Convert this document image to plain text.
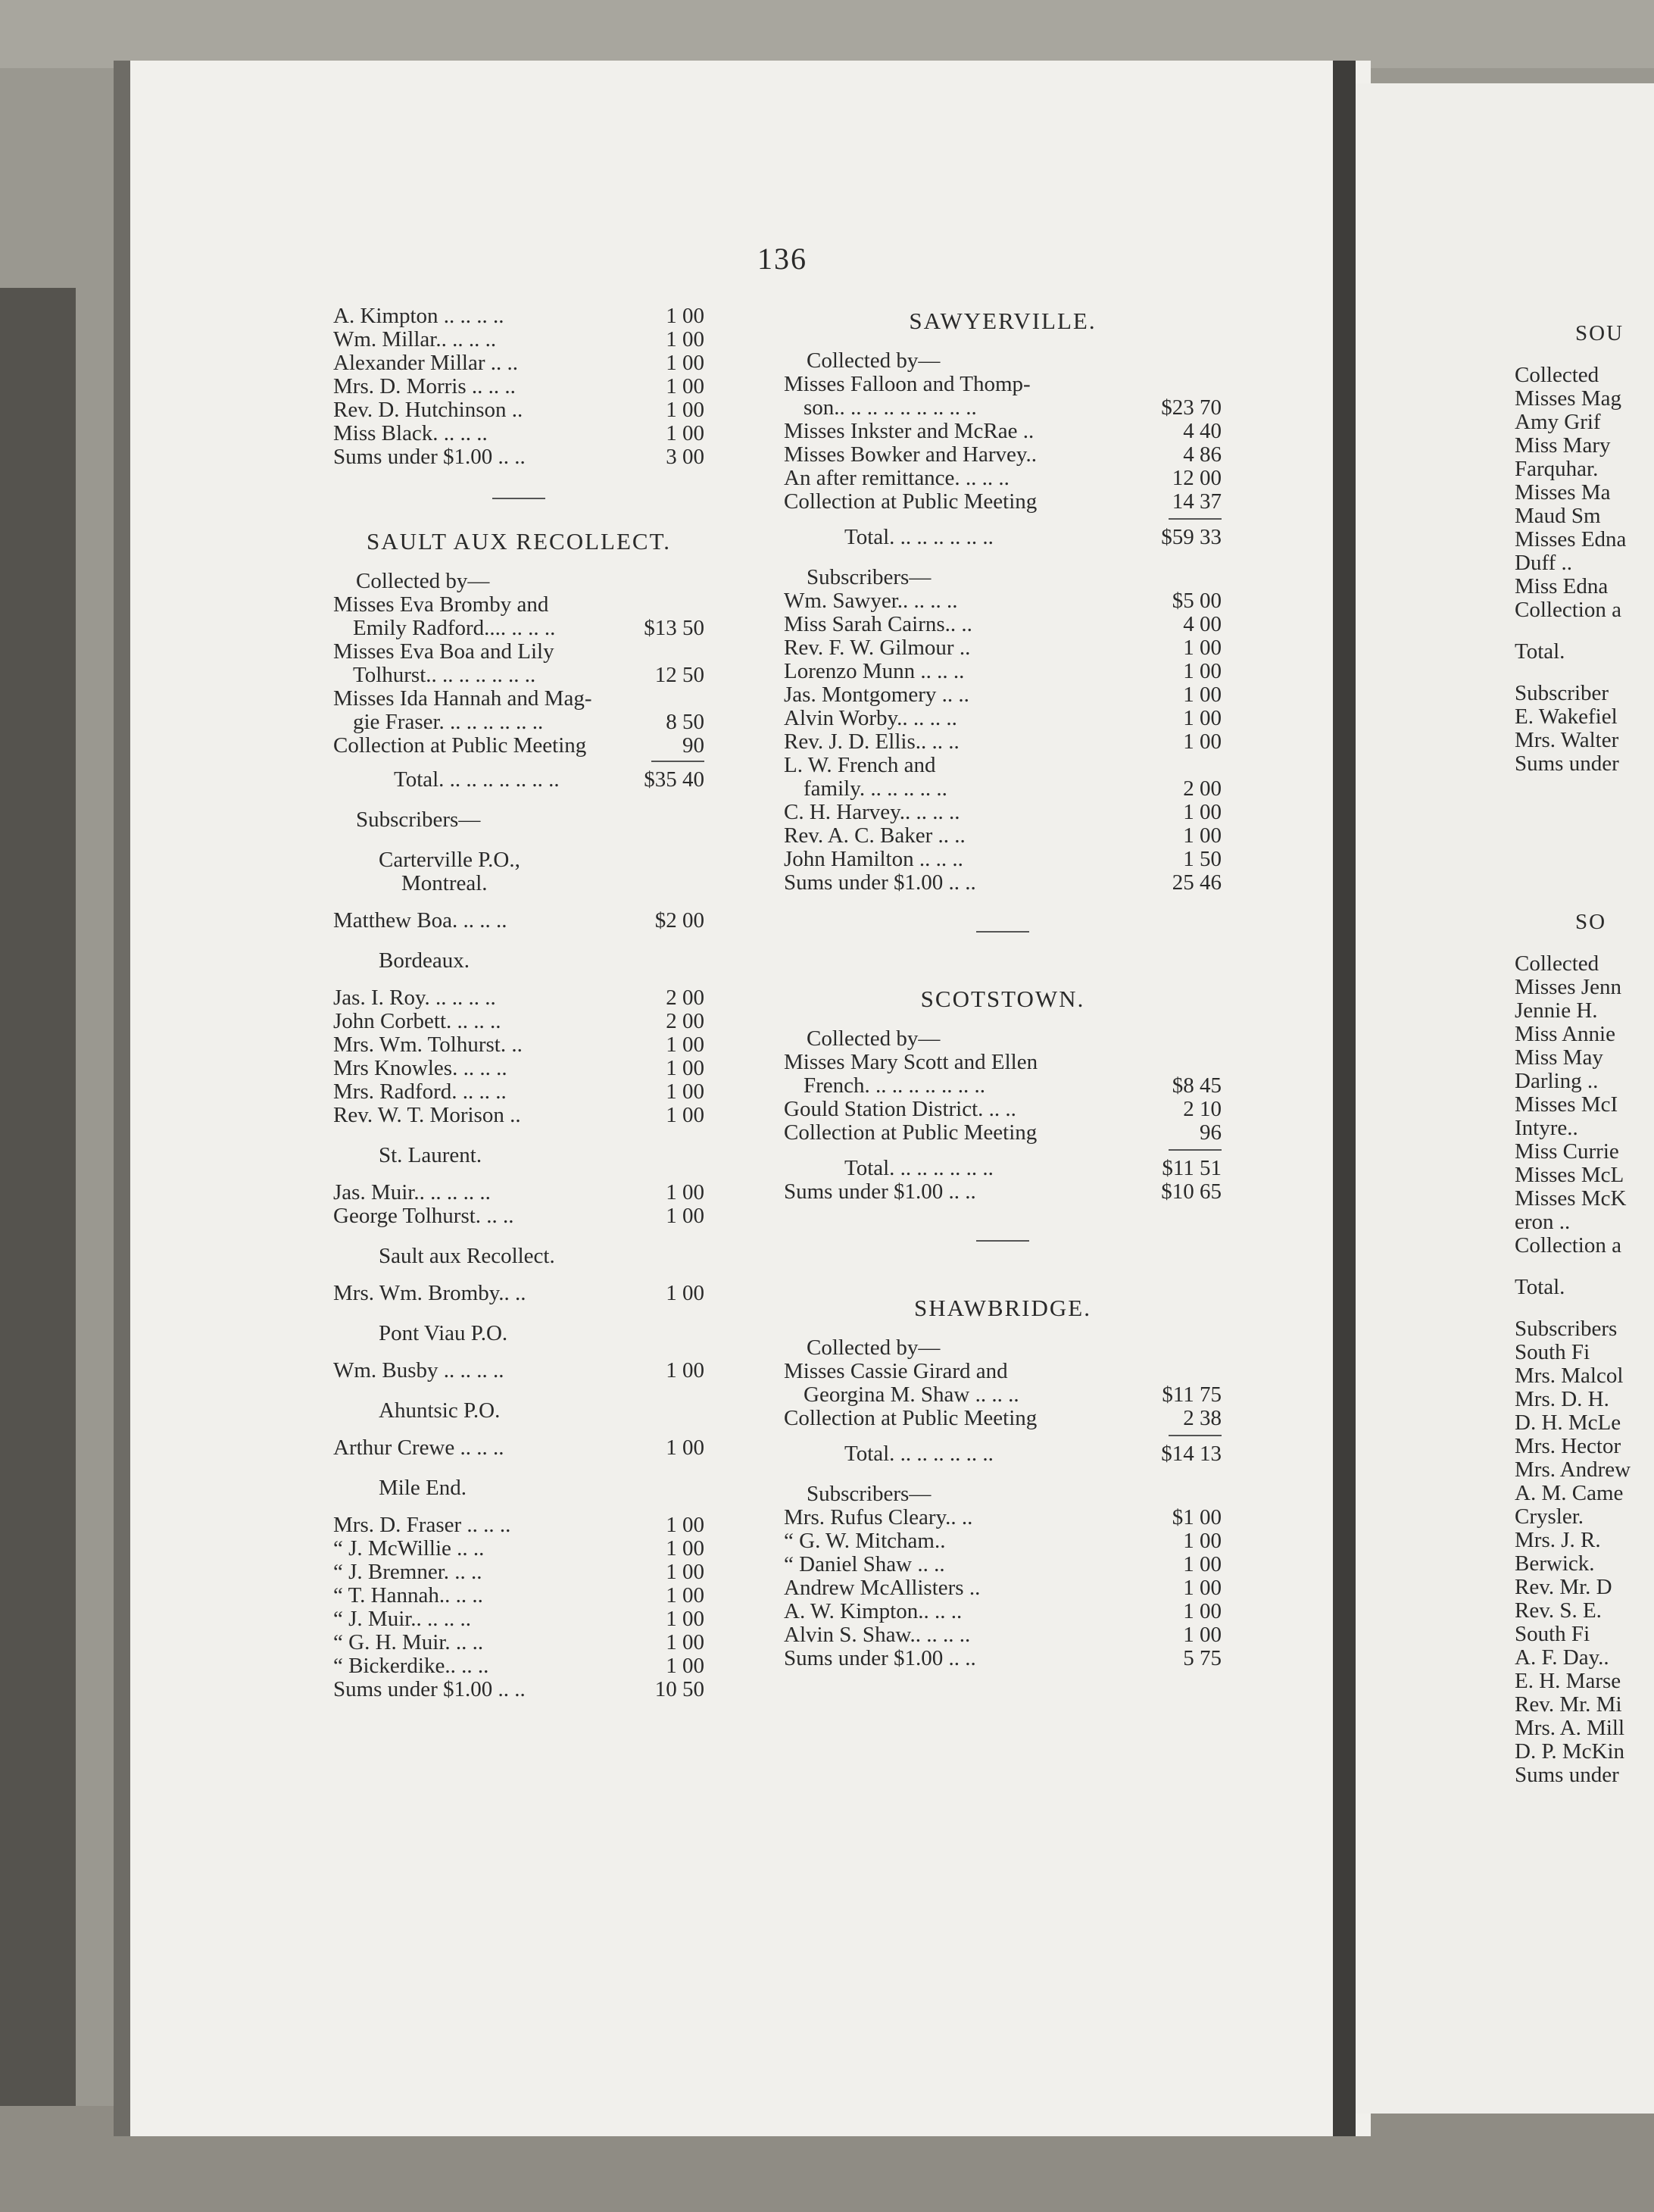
136
A. Kimpton .. .. .. ..	1 00
Wm. Millar.. .. .. ..	1 00
Alexander Millar .. ..	1 00
Mrs. D. Morris .. .. ..	1 00
Rev. D. Hutchinson ..	1 00
Miss Black. .. .. ..	1 00
Sums under $1.00 .. ..	3 00
SAULT AUX RECOLLECT.
Collected by—
Misses Eva Bromby and
Emily Radford.... .. .. ..	$13 50
Misses Eva Boa and Lily
Tolhurst.. .. .. .. .. .. ..	12 50
Misses Ida Hannah and Mag-
gie Fraser. .. .. .. .. .. ..	8 50
Collection at Public Meeting	90
Total. .. .. .. .. .. .. ..	$35 40
Subscribers—
Carterville P.O.,
Montreal.
Matthew Boa. .. .. ..	$2 00
Bordeaux.
Jas. I. Roy. .. .. .. ..	2 00
John Corbett. .. .. ..	2 00
Mrs. Wm. Tolhurst. ..	1 00
Mrs Knowles. .. .. ..	1 00
Mrs. Radford. .. .. ..	1 00
Rev. W. T. Morison ..	1 00
St. Laurent.
Jas. Muir.. .. .. .. ..	1 00
George Tolhurst. .. ..	1 00
Sault aux Recollect.
Mrs. Wm. Bromby.. ..	1 00
Pont Viau P.O.
Wm. Busby .. .. .. ..	1 00
Ahuntsic P.O.
Arthur Crewe .. .. ..	1 00
Mile End.
Mrs. D. Fraser .. .. ..	1 00
“ J. McWillie .. ..	1 00
“ J. Bremner. .. ..	1 00
“ T. Hannah.. .. ..	1 00
“ J. Muir.. .. .. ..	1 00
“ G. H. Muir. .. ..	1 00
“ Bickerdike.. .. ..	1 00
Sums under $1.00 .. ..	10 50
SAWYERVILLE.
Collected by—
Misses Falloon and Thomp-
son.. .. .. .. .. .. .. .. ..	$23 70
Misses Inkster and McRae ..	4 40
Misses Bowker and Harvey..	4 86
An after remittance. .. .. ..	12 00
Collection at Public Meeting	14 37
Total. .. .. .. .. .. ..	$59 33
Subscribers—
Wm. Sawyer.. .. .. ..	$5 00
Miss Sarah Cairns.. ..	4 00
Rev. F. W. Gilmour ..	1 00
Lorenzo Munn .. .. ..	1 00
Jas. Montgomery .. ..	1 00
Alvin Worby.. .. .. ..	1 00
Rev. J. D. Ellis.. .. ..	1 00
L. W. French and
family. .. .. .. .. ..	2 00
C. H. Harvey.. .. .. ..	1 00
Rev. A. C. Baker .. ..	1 00
John Hamilton .. .. ..	1 50
Sums under $1.00 .. ..	25 46
SCOTSTOWN.
Collected by—
Misses Mary Scott and Ellen
French. .. .. .. .. .. .. ..	$8 45
Gould Station District. .. ..	2 10
Collection at Public Meeting	96
Total. .. .. .. .. .. ..	$11 51
Sums under $1.00 .. ..	$10 65
SHAWBRIDGE.
Collected by—
Misses Cassie Girard and
Georgina M. Shaw .. .. ..	$11 75
Collection at Public Meeting	2 38
Total. .. .. .. .. .. ..	$14 13
Subscribers—
Mrs. Rufus Cleary.. ..	$1 00
“ G. W. Mitcham..	1 00
“ Daniel Shaw .. ..	1 00
Andrew McAllisters ..	1 00
A. W. Kimpton.. .. ..	1 00
Alvin S. Shaw.. .. .. ..	1 00
Sums under $1.00 .. ..	5 75
SOU
Collected
Misses Mag
Amy Grif
Miss Mary
Farquhar.
Misses Ma
Maud Sm
Misses Edna
Duff ..
Miss Edna
Collection a
Total.
Subscriber
E. Wakefiel
Mrs. Walter
Sums under
SO
Collected
Misses Jenn
Jennie H.
Miss Annie
Miss May
Darling ..
Misses McI
Intyre..
Miss Currie
Misses McL
Misses McK
eron ..
Collection a
Total.
Subscribers
South Fi
Mrs. Malcol
Mrs. D. H.
D. H. McLe
Mrs. Hector
Mrs. Andrew
A. M. Came
Crysler.
Mrs. J. R.
Berwick.
Rev. Mr. D
Rev. S. E.
South Fi
A. F. Day..
E. H. Marse
Rev. Mr. Mi
Mrs. A. Mill
D. P. McKin
Sums under
